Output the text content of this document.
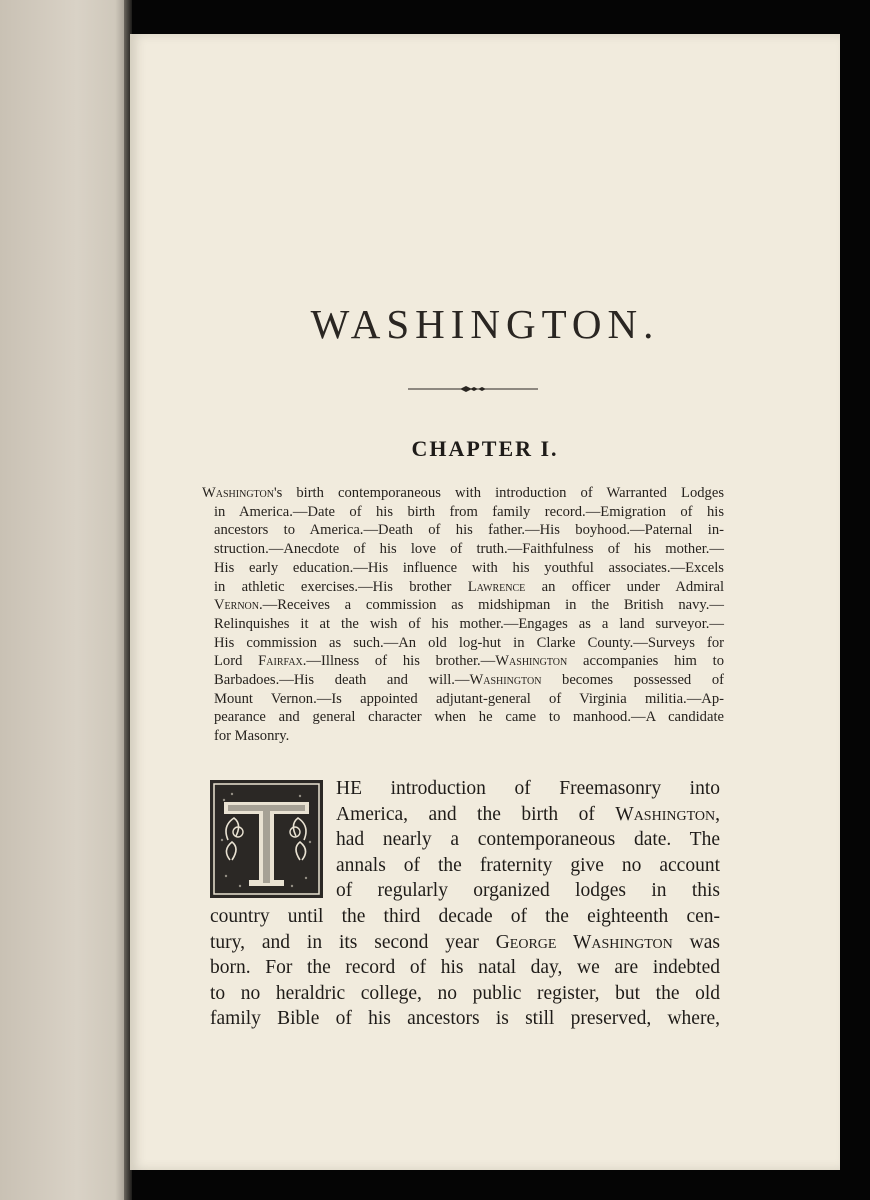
WASHINGTON.
CHAPTER I.
Washington's birth contemporaneous with introduction of Warranted Lodges
in America.—Date of his birth from family record.—Emigration of his
ancestors to America.—Death of his father.—His boyhood.—Paternal in-
struction.—Anecdote of his love of truth.—Faithfulness of his mother.—
His early education.—His influence with his youthful associates.—Excels
in athletic exercises.—His brother Lawrence an officer under Admiral
Vernon.—Receives a commission as midshipman in the British navy.—
Relinquishes it at the wish of his mother.—Engages as a land surveyor.—
His commission as such.—An old log-hut in Clarke County.—Surveys for
Lord Fairfax.—Illness of his brother.—Washington accompanies him to
Barbadoes.—His death and will.—Washington becomes possessed of
Mount Vernon.—Is appointed adjutant-general of Virginia militia.—Ap-
pearance and general character when he came to manhood.—A candidate
for Masonry.
HE introduction of Freemasonry into
America, and the birth of Washington,
had nearly a contemporaneous date. The
annals of the fraternity give no account
of regularly organized lodges in this
country until the third decade of the eighteenth cen-
tury, and in its second year George Washington was
born. For the record of his natal day, we are indebted
to no heraldric college, no public register, but the old
family Bible of his ancestors is still preserved, where,
